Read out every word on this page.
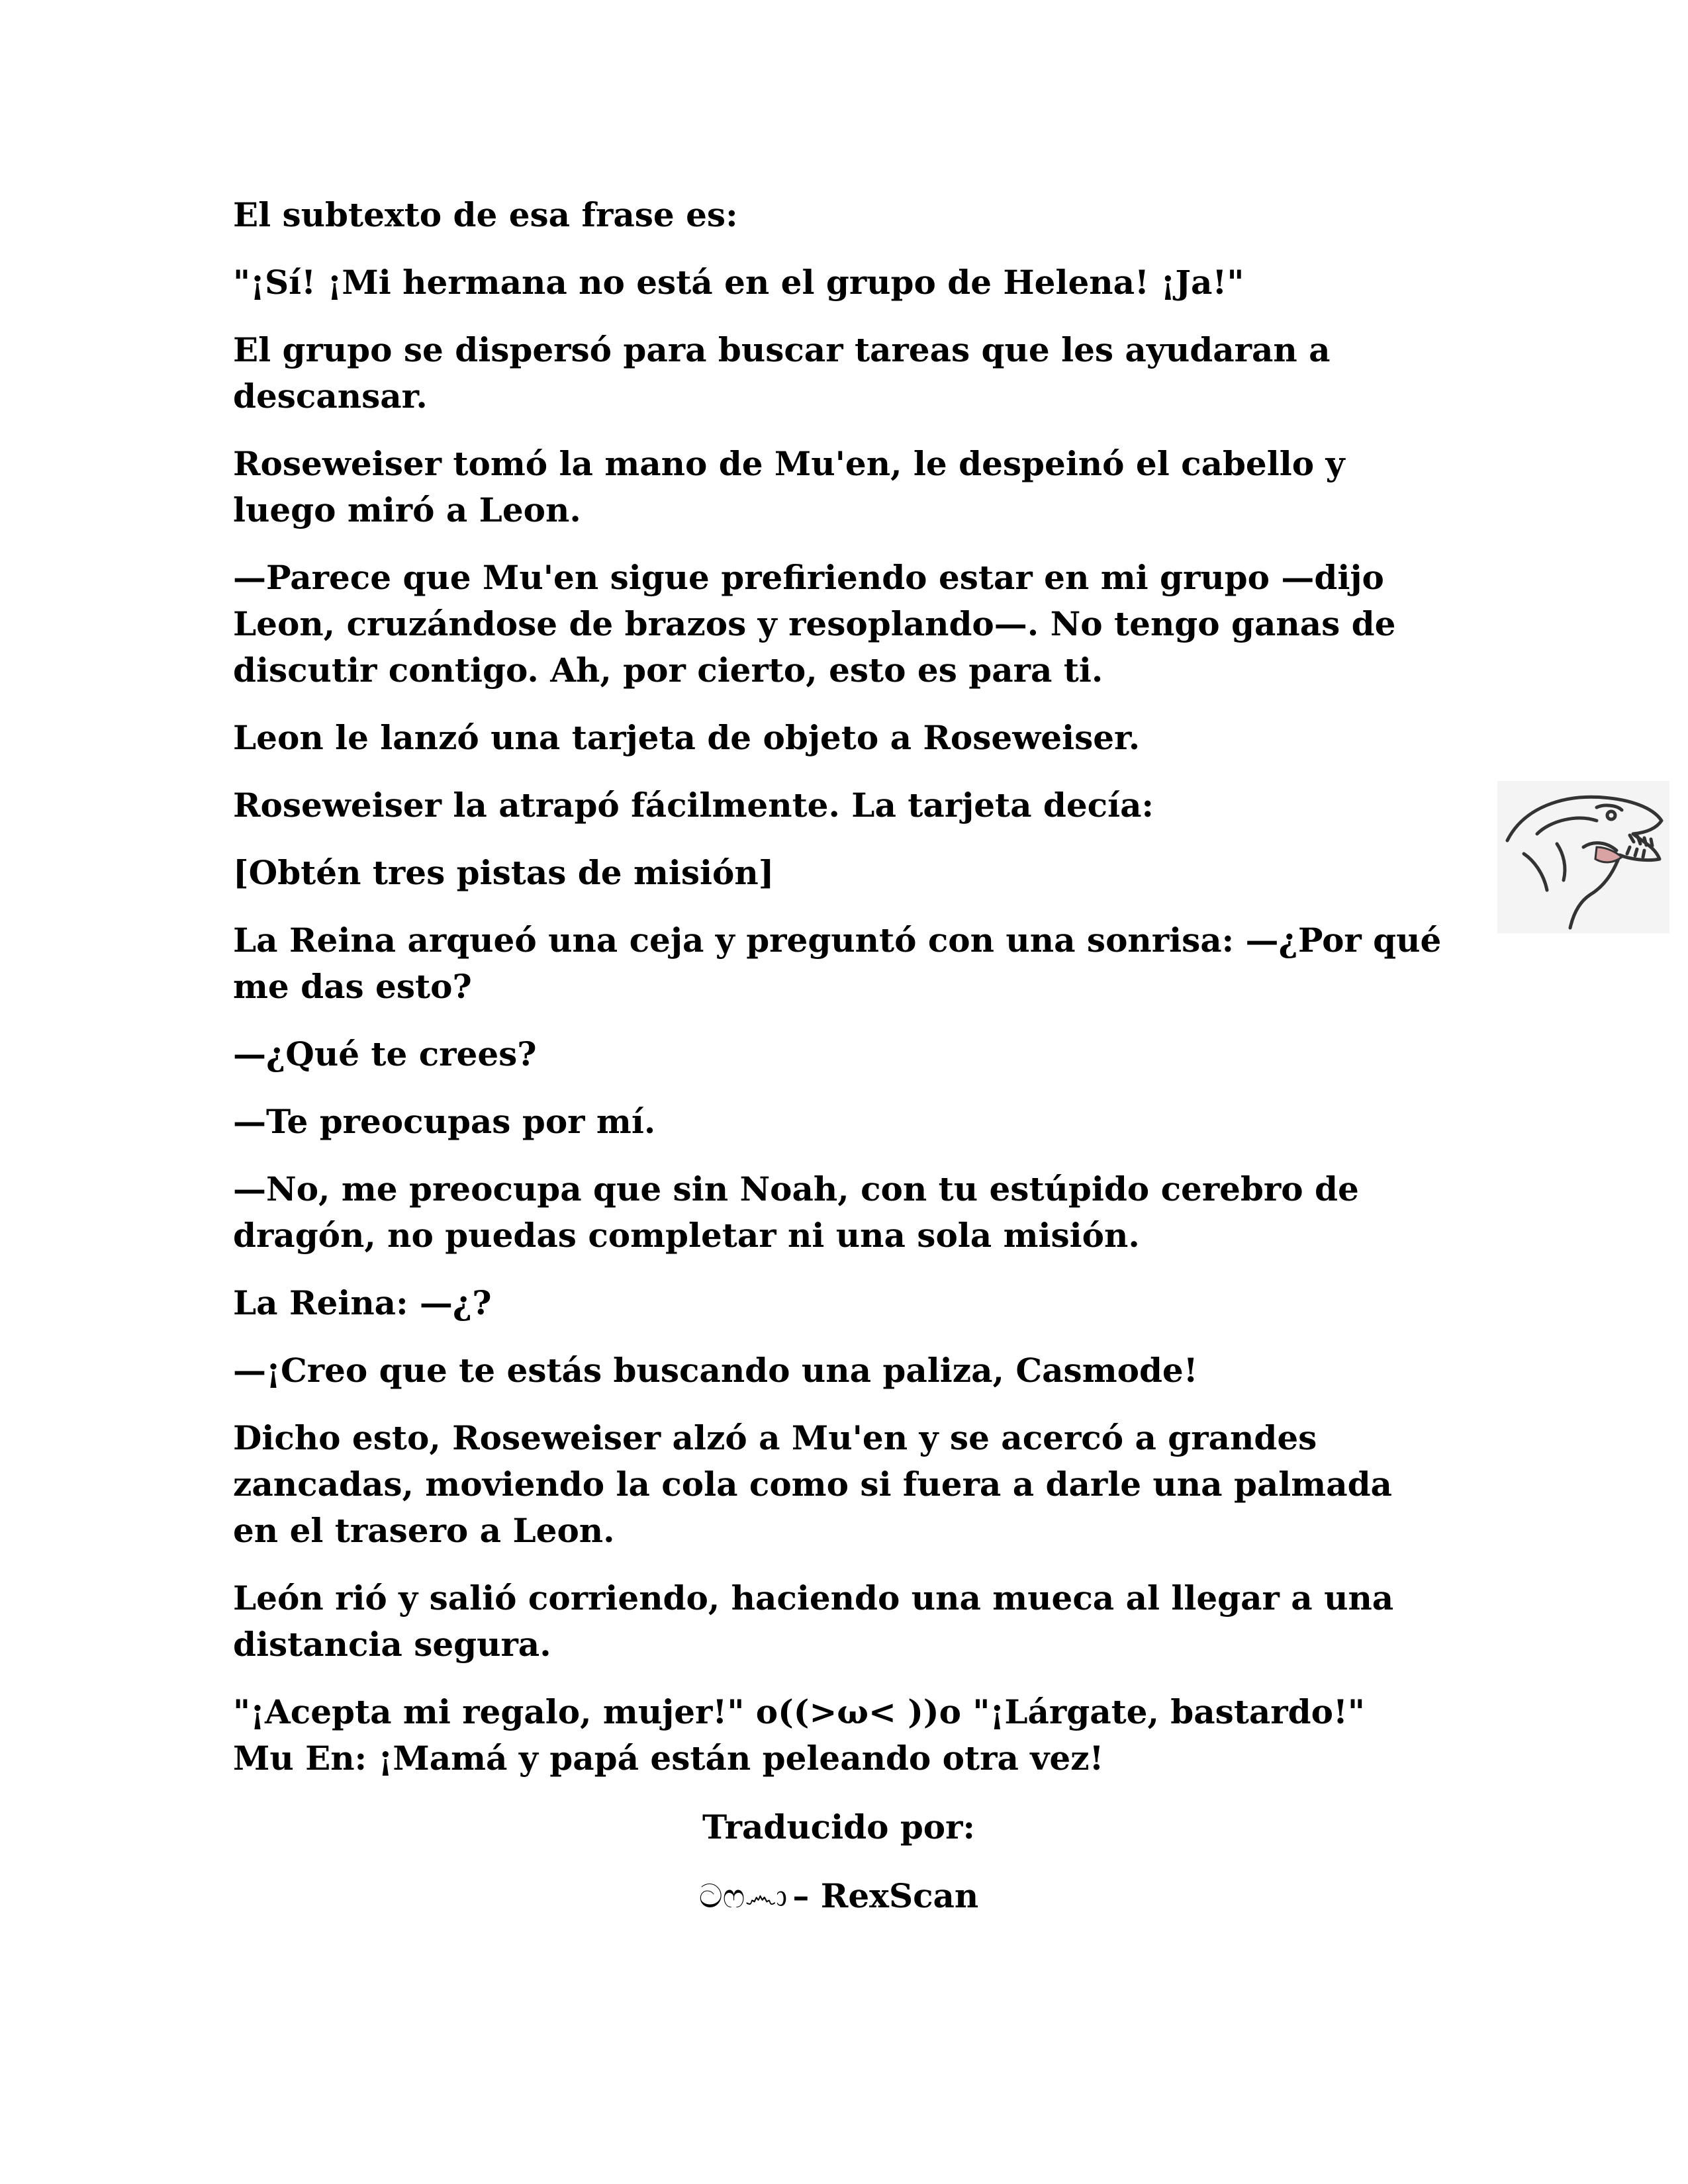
El subtexto de esa frase es:

"¡Sí! ¡Mi hermana no está en el grupo de Helena! ¡Ja!"

El grupo se dispersó para buscar tareas que les ayudaran a descansar.

Roseweiser tomó la mano de Mu'en, le despeinó el cabello y luego miró a Leon.

—Parece que Mu'en sigue prefiriendo estar en mi grupo —dijo Leon, cruzándose de brazos y resoplando—. No tengo ganas de discutir contigo. Ah, por cierto, esto es para ti.

Leon le lanzó una tarjeta de objeto a Roseweiser.

Roseweiser la atrapó fácilmente. La tarjeta decía:

[Obtén tres pistas de misión]

La Reina arqueó una ceja y preguntó con una sonrisa: —¿Por qué me das esto?

—¿Qué te crees?

—Te preocupas por mí.

—No, me preocupa que sin Noah, con tu estúpido cerebro de dragón, no puedas completar ni una sola misión.

La Reina: —¿?

—¡Creo que te estás buscando una paliza, Casmode!

Dicho esto, Roseweiser alzó a Mu'en y se acercó a grandes zancadas, moviendo la cola como si fuera a darle una palmada en el trasero a Leon.

León rió y salió corriendo, haciendo una mueca al llegar a una distancia segura.

"¡Acepta mi regalo, mujer!" o((>ω< ))o "¡Lárgate, bastardo!"

Mu En: ¡Mamá y papá están peleando otra vez!

Traducido por:
ටෆ෴ා – RexScan
